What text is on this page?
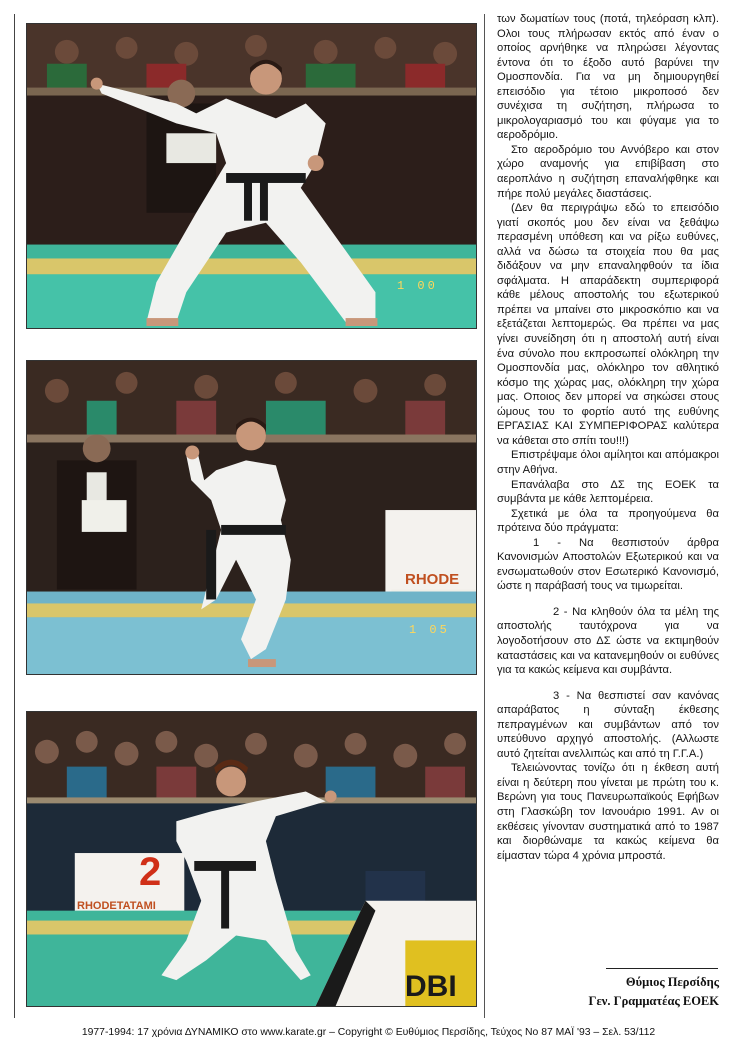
1 00
1 05
RHODE
2
RHODETATAMI
DBI

των δωματίων τους (ποτά, τηλεόραση κλπ). Ολοι τους πλήρωσαν εκτός από έναν ο οποίος αρνήθηκε να πληρώσει λέγοντας έντονα ότι το έξοδο αυτό βαρύνει την Ομοσπονδία. Για να μη δημιουργηθεί επεισόδιο για τέτοιο μικροποσό δεν συνέχισα τη συζήτηση, πλήρωσα το μικρολογαριασμό του και φύγαμε για το αεροδρόμιο.

Στο αεροδρόμιο του Αννόβερο και στον χώρο αναμονής για επιβίβαση στο αεροπλάνο η συζήτηση επαναλήφθηκε και πήρε πολύ μεγάλες διαστάσεις.

(Δεν θα περιγράψω εδώ το επεισόδιο γιατί σκοπός μου δεν είναι να ξεθάψω περασμένη υπόθεση και να ρίξω ευθύνες, αλλά να δώσω τα στοιχεία που θα μας διδάξουν να μην επαναληφθούν τα ίδια σφάλματα. Η απαράδεκτη συμπεριφορά κάθε μέλους αποστολής του εξωτερικού πρέπει να μπαίνει στο μικροσκόπιο και να εξετάζεται λεπτομερώς. Θα πρέπει να μας γίνει συνείδηση ότι η αποστολή αυτή είναι ένα σύνολο που εκπροσωπεί ολόκληρη την Ομοσπονδία μας, ολόκληρο τον αθλητικό κόσμο της χώρας μας, ολόκληρη την χώρα μας. Οποιος δεν μπορεί να σηκώσει στους ώμους του το φορτίο αυτό της ευθύνης ΕΡΓΑΣΙΑΣ ΚΑΙ ΣΥΜΠΕΡΙΦΟΡΑΣ καλύτερα να κάθεται στο σπίτι του!!!)

Επιστρέψαμε όλοι αμίλητοι και απόμακροι στην Αθήνα.

Επανάλαβα στο ΔΣ της ΕΟΕΚ τα συμβάντα με κάθε λεπτομέρεια.

Σχετικά με όλα τα προηγούμενα θα πρότεινα δύο πράγματα:

1 - Να θεσπιστούν άρθρα Κανονισμών Αποστολών Εξωτερικού και να ενσωματωθούν στον Εσωτερικό Κανονισμό, ώστε η παράβασή τους να τιμωρείται.

2 - Να κληθούν όλα τα μέλη της αποστολής ταυτόχρονα για να λογοδοτήσουν στο ΔΣ ώστε να εκτιμηθούν καταστάσεις και να κατανεμηθούν οι ευθύνες για τα κακώς κείμενα και συμβάντα.

3 - Να θεσπιστεί σαν κανόνας απαράβατος η σύνταξη έκθεσης πεπραγμένων και συμβάντων από τον υπεύθυνο αρχηγό αποστολής. (Αλλωστε αυτό ζητείται ανελλιπώς και από τη Γ.Γ.Α.)

Τελειώνοντας τονίζω ότι η έκθεση αυτή είναι η δεύτερη που γίνεται με πρώτη του κ. Βερώνη για τους Πανευρωπαϊκούς Εφήβων στη Γλασκώβη τον Ιανουάριο 1991. Αν οι εκθέσεις γίνονταν συστηματικά από το 1987 και διορθώναμε τα κακώς κείμενα θα είμασταν τώρα 4 χρόνια μπροστά.

Θύμιος Περσίδης
Γεν. Γραμματέας ΕΟΕΚ
1977-1994: 17 χρόνια ΔΥΝΑΜΙΚΟ στο www.karate.gr – Copyright © Ευθύμιος Περσίδης, Τεύχος Νο 87 ΜΑΪ '93 – Σελ. 53/112
